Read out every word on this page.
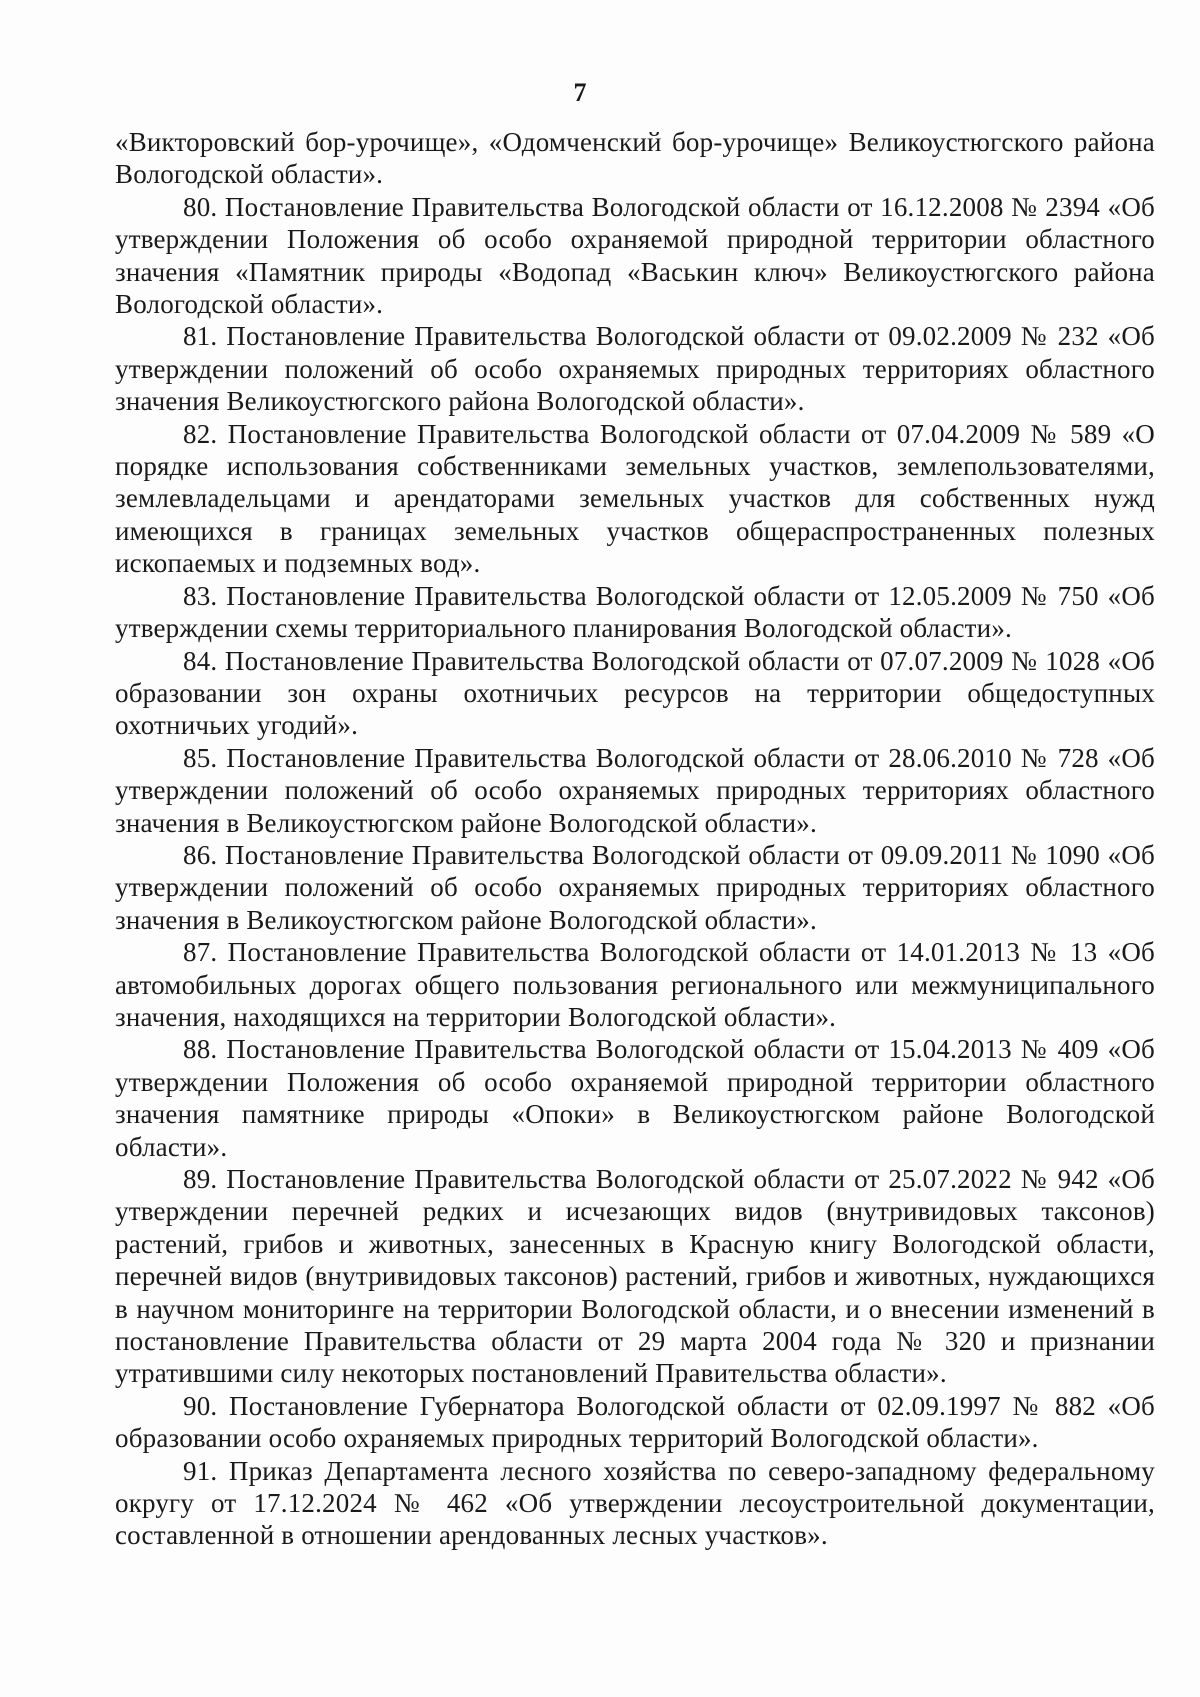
7

«Викторовский бор-урочище», «Одомченский бор-урочище» Великоустюгского района Вологодской области».

80. Постановление Правительства Вологодской области от 16.12.2008 № 2394 «Об утверждении Положения об особо охраняемой природной территории областного значения «Памятник природы «Водопад «Васькин ключ» Великоустюгского района Вологодской области».

81. Постановление Правительства Вологодской области от 09.02.2009 № 232 «Об утверждении положений об особо охраняемых природных территориях областного значения Великоустюгского района Вологодской области».

82. Постановление Правительства Вологодской области от 07.04.2009 № 589 «О порядке использования собственниками земельных участков, землепользователями, землевладельцами и арендаторами земельных участков для собственных нужд имеющихся в границах земельных участков общераспространенных полезных ископаемых и подземных вод».

83. Постановление Правительства Вологодской области от 12.05.2009 № 750 «Об утверждении схемы территориального планирования Вологодской области».

84. Постановление Правительства Вологодской области от 07.07.2009 № 1028 «Об образовании зон охраны охотничьих ресурсов на территории общедоступных охотничьих угодий».

85. Постановление Правительства Вологодской области от 28.06.2010 № 728 «Об утверждении положений об особо охраняемых природных территориях областного значения в Великоустюгском районе Вологодской области».

86. Постановление Правительства Вологодской области от 09.09.2011 № 1090 «Об утверждении положений об особо охраняемых природных территориях областного значения в Великоустюгском районе Вологодской области».

87. Постановление Правительства Вологодской области от 14.01.2013 № 13 «Об автомобильных дорогах общего пользования регионального или межмуниципального значения, находящихся на территории Вологодской области».

88. Постановление Правительства Вологодской области от 15.04.2013 № 409 «Об утверждении Положения об особо охраняемой природной территории областного значения памятнике природы «Опоки» в Великоустюгском районе Вологодской области».

89. Постановление Правительства Вологодской области от 25.07.2022 № 942 «Об утверждении перечней редких и исчезающих видов (внутривидовых таксонов) растений, грибов и животных, занесенных в Красную книгу Вологодской области, перечней видов (внутривидовых таксонов) растений, грибов и животных, нуждающихся в научном мониторинге на территории Вологодской области, и о внесении изменений в постановление Правительства области от 29 марта 2004 года № 320 и признании утратившими силу некоторых постановлений Правительства области».

90. Постановление Губернатора Вологодской области от 02.09.1997 № 882 «Об образовании особо охраняемых природных территорий Вологодской области».

91. Приказ Департамента лесного хозяйства по северо-западному федеральному округу от 17.12.2024 № 462 «Об утверждении лесоустроительной документации, составленной в отношении арендованных лесных участков».
